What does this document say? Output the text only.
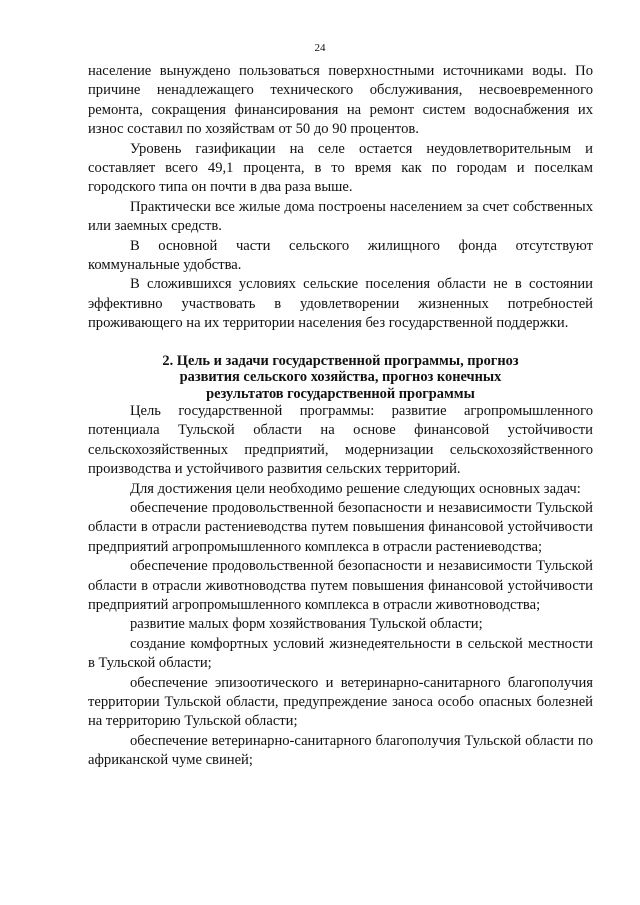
24

население вынуждено пользоваться поверхностными источниками воды. По причине ненадлежащего технического обслуживания, несвоевременного ремонта, сокращения финансирования на ремонт систем водоснабжения их износ составил по хозяйствам от 50 до 90 процентов.

Уровень газификации на селе остается неудовлетворительным и составляет всего 49,1 процента, в то время как по городам и поселкам городского типа он почти в два раза выше.

Практически все жилые дома построены населением за счет собственных или заемных средств.

В основной части сельского жилищного фонда отсутствуют коммунальные удобства.

В сложившихся условиях сельские поселения области не в состоянии эффективно участвовать в удовлетворении жизненных потребностей проживающего на их территории населения без государственной поддержки.

2. Цель и задачи государственной программы, прогноз
развития сельского хозяйства, прогноз конечных
результатов государственной программы

Цель государственной программы: развитие агропромышленного потенциала Тульской области на основе финансовой устойчивости сельскохозяйственных предприятий, модернизации сельскохозяйственного производства и устойчивого развития сельских территорий.

Для достижения цели необходимо решение следующих основных задач:

обеспечение продовольственной безопасности и независимости Тульской области в отрасли растениеводства путем повышения финансовой устойчивости предприятий агропромышленного комплекса в отрасли растениеводства;

обеспечение продовольственной безопасности и независимости Тульской области в отрасли животноводства путем повышения финансовой устойчивости предприятий агропромышленного комплекса в отрасли животноводства;

развитие малых форм хозяйствования Тульской области;

создание комфортных условий жизнедеятельности в сельской местности в Тульской области;

обеспечение эпизоотического и ветеринарно-санитарного благополучия территории Тульской области, предупреждение заноса особо опасных болезней на территорию Тульской области;

обеспечение ветеринарно-санитарного благополучия Тульской области по африканской чуме свиней;
